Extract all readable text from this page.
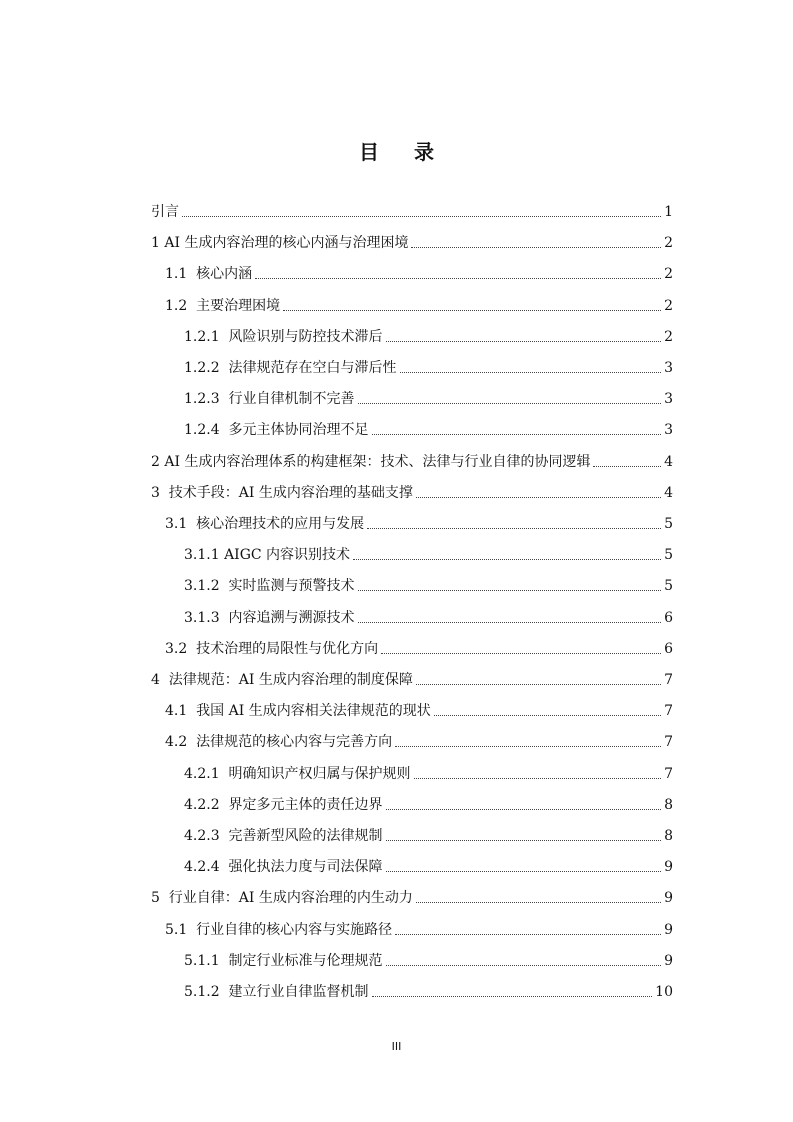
目 录
引言	1
1 AI 生成内容治理的核心内涵与治理困境	2
1.1  核心内涵	2
1.2  主要治理困境	2
1.2.1  风险识别与防控技术滞后	2
1.2.2  法律规范存在空白与滞后性	3
1.2.3  行业自律机制不完善	3
1.2.4  多元主体协同治理不足	3
2 AI 生成内容治理体系的构建框架：技术、法律与行业自律的协同逻辑	4
3  技术手段：AI 生成内容治理的基础支撑	4
3.1  核心治理技术的应用与发展	5
3.1.1 AIGC 内容识别技术	5
3.1.2  实时监测与预警技术	5
3.1.3  内容追溯与溯源技术	6
3.2  技术治理的局限性与优化方向	6
4  法律规范：AI 生成内容治理的制度保障	7
4.1  我国 AI 生成内容相关法律规范的现状	7
4.2  法律规范的核心内容与完善方向	7
4.2.1  明确知识产权归属与保护规则	7
4.2.2  界定多元主体的责任边界	8
4.2.3  完善新型风险的法律规制	8
4.2.4  强化执法力度与司法保障	9
5  行业自律：AI 生成内容治理的内生动力	9
5.1  行业自律的核心内容与实施路径	9
5.1.1  制定行业标准与伦理规范	9
5.1.2  建立行业自律监督机制	10
III
